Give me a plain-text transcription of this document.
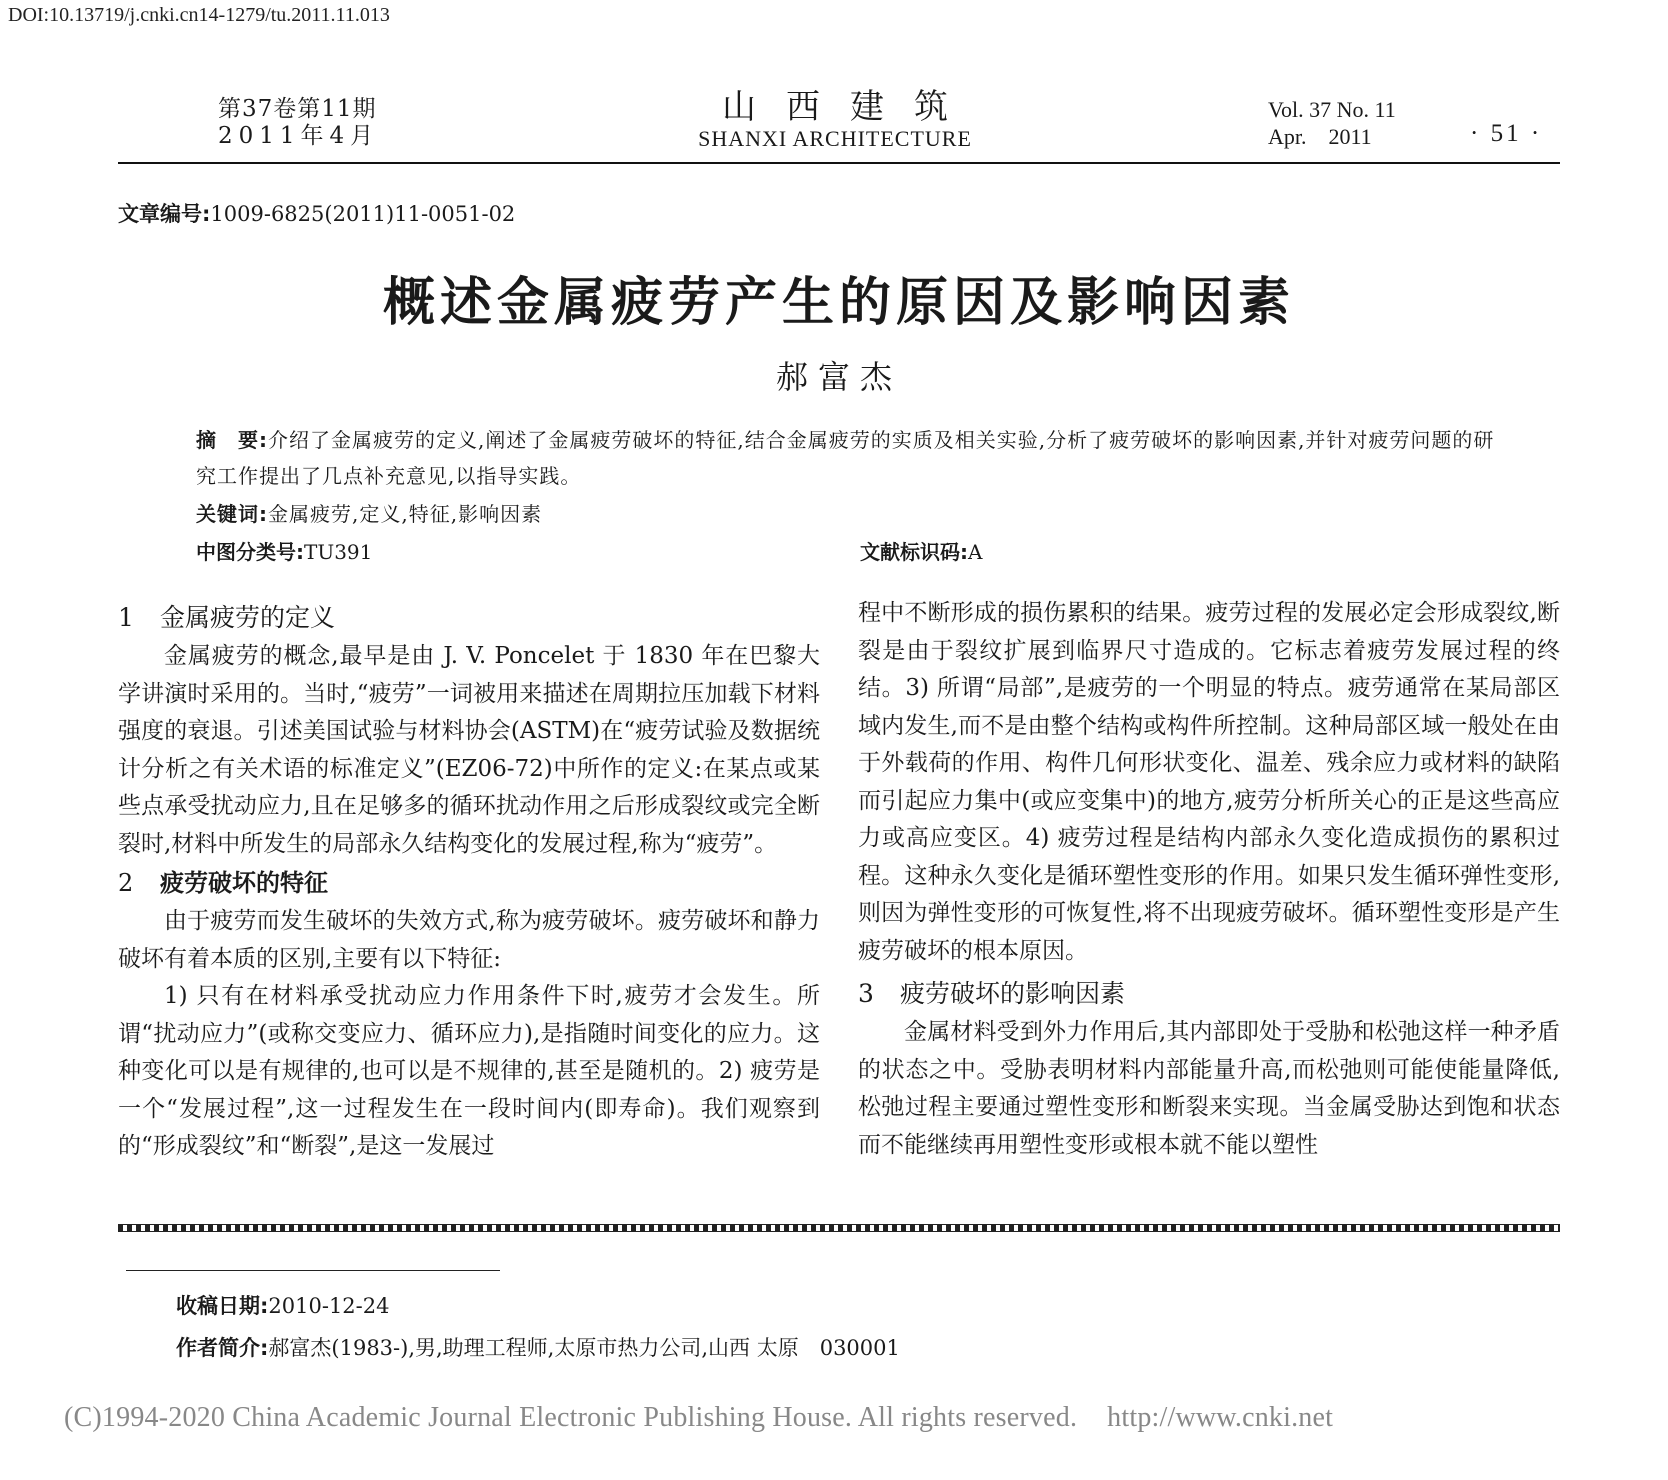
DOI:10.13719/j.cnki.cn14-1279/tu.2011.11.013
第37卷第11期
2011年4月
山西建筑
SHANXI ARCHITECTURE
Vol. 37 No. 11
Apr.    2011	· 51 ·
文章编号:1009-6825(2011)11-0051-02
概述金属疲劳产生的原因及影响因素
郝富杰
摘　要:介绍了金属疲劳的定义,阐述了金属疲劳破坏的特征,结合金属疲劳的实质及相关实验,分析了疲劳破坏的影响因素,并针对疲劳问题的研究工作提出了几点补充意见,以指导实践。
关键词:金属疲劳,定义,特征,影响因素
中图分类号:TU391	文献标识码:A
1 金属疲劳的定义

金属疲劳的概念,最早是由 J. V. Poncelet 于 1830 年在巴黎大学讲演时采用的。当时,“疲劳”一词被用来描述在周期拉压加载下材料强度的衰退。引述美国试验与材料协会(ASTM)在“疲劳试验及数据统计分析之有关术语的标准定义”(EZ06-72)中所作的定义:在某点或某些点承受扰动应力,且在足够多的循环扰动作用之后形成裂纹或完全断裂时,材料中所发生的局部永久结构变化的发展过程,称为“疲劳”。

2 疲劳破坏的特征

由于疲劳而发生破坏的失效方式,称为疲劳破坏。疲劳破坏和静力破坏有着本质的区别,主要有以下特征:

1) 只有在材料承受扰动应力作用条件下时,疲劳才会发生。所谓“扰动应力”(或称交变应力、循环应力),是指随时间变化的应力。这种变化可以是有规律的,也可以是不规律的,甚至是随机的。2) 疲劳是一个“发展过程”,这一过程发生在一段时间内(即寿命)。我们观察到的“形成裂纹”和“断裂”,是这一发展过

程中不断形成的损伤累积的结果。疲劳过程的发展必定会形成裂纹,断裂是由于裂纹扩展到临界尺寸造成的。它标志着疲劳发展过程的终结。3) 所谓“局部”,是疲劳的一个明显的特点。疲劳通常在某局部区域内发生,而不是由整个结构或构件所控制。这种局部区域一般处在由于外载荷的作用、构件几何形状变化、温差、残余应力或材料的缺陷而引起应力集中(或应变集中)的地方,疲劳分析所关心的正是这些高应力或高应变区。4) 疲劳过程是结构内部永久变化造成损伤的累积过程。这种永久变化是循环塑性变形的作用。如果只发生循环弹性变形,则因为弹性变形的可恢复性,将不出现疲劳破坏。循环塑性变形是产生疲劳破坏的根本原因。

3 疲劳破坏的影响因素

金属材料受到外力作用后,其内部即处于受胁和松弛这样一种矛盾的状态之中。受胁表明材料内部能量升高,而松弛则可能使能量降低,松弛过程主要通过塑性变形和断裂来实现。当金属受胁达到饱和状态而不能继续再用塑性变形或根本就不能以塑性

收稿日期:2010-12-24
作者简介:郝富杰(1983-),男,助理工程师,太原市热力公司,山西 太原　030001
(C)1994-2020 China Academic Journal Electronic Publishing House. All rights reserved. http://www.cnki.net
